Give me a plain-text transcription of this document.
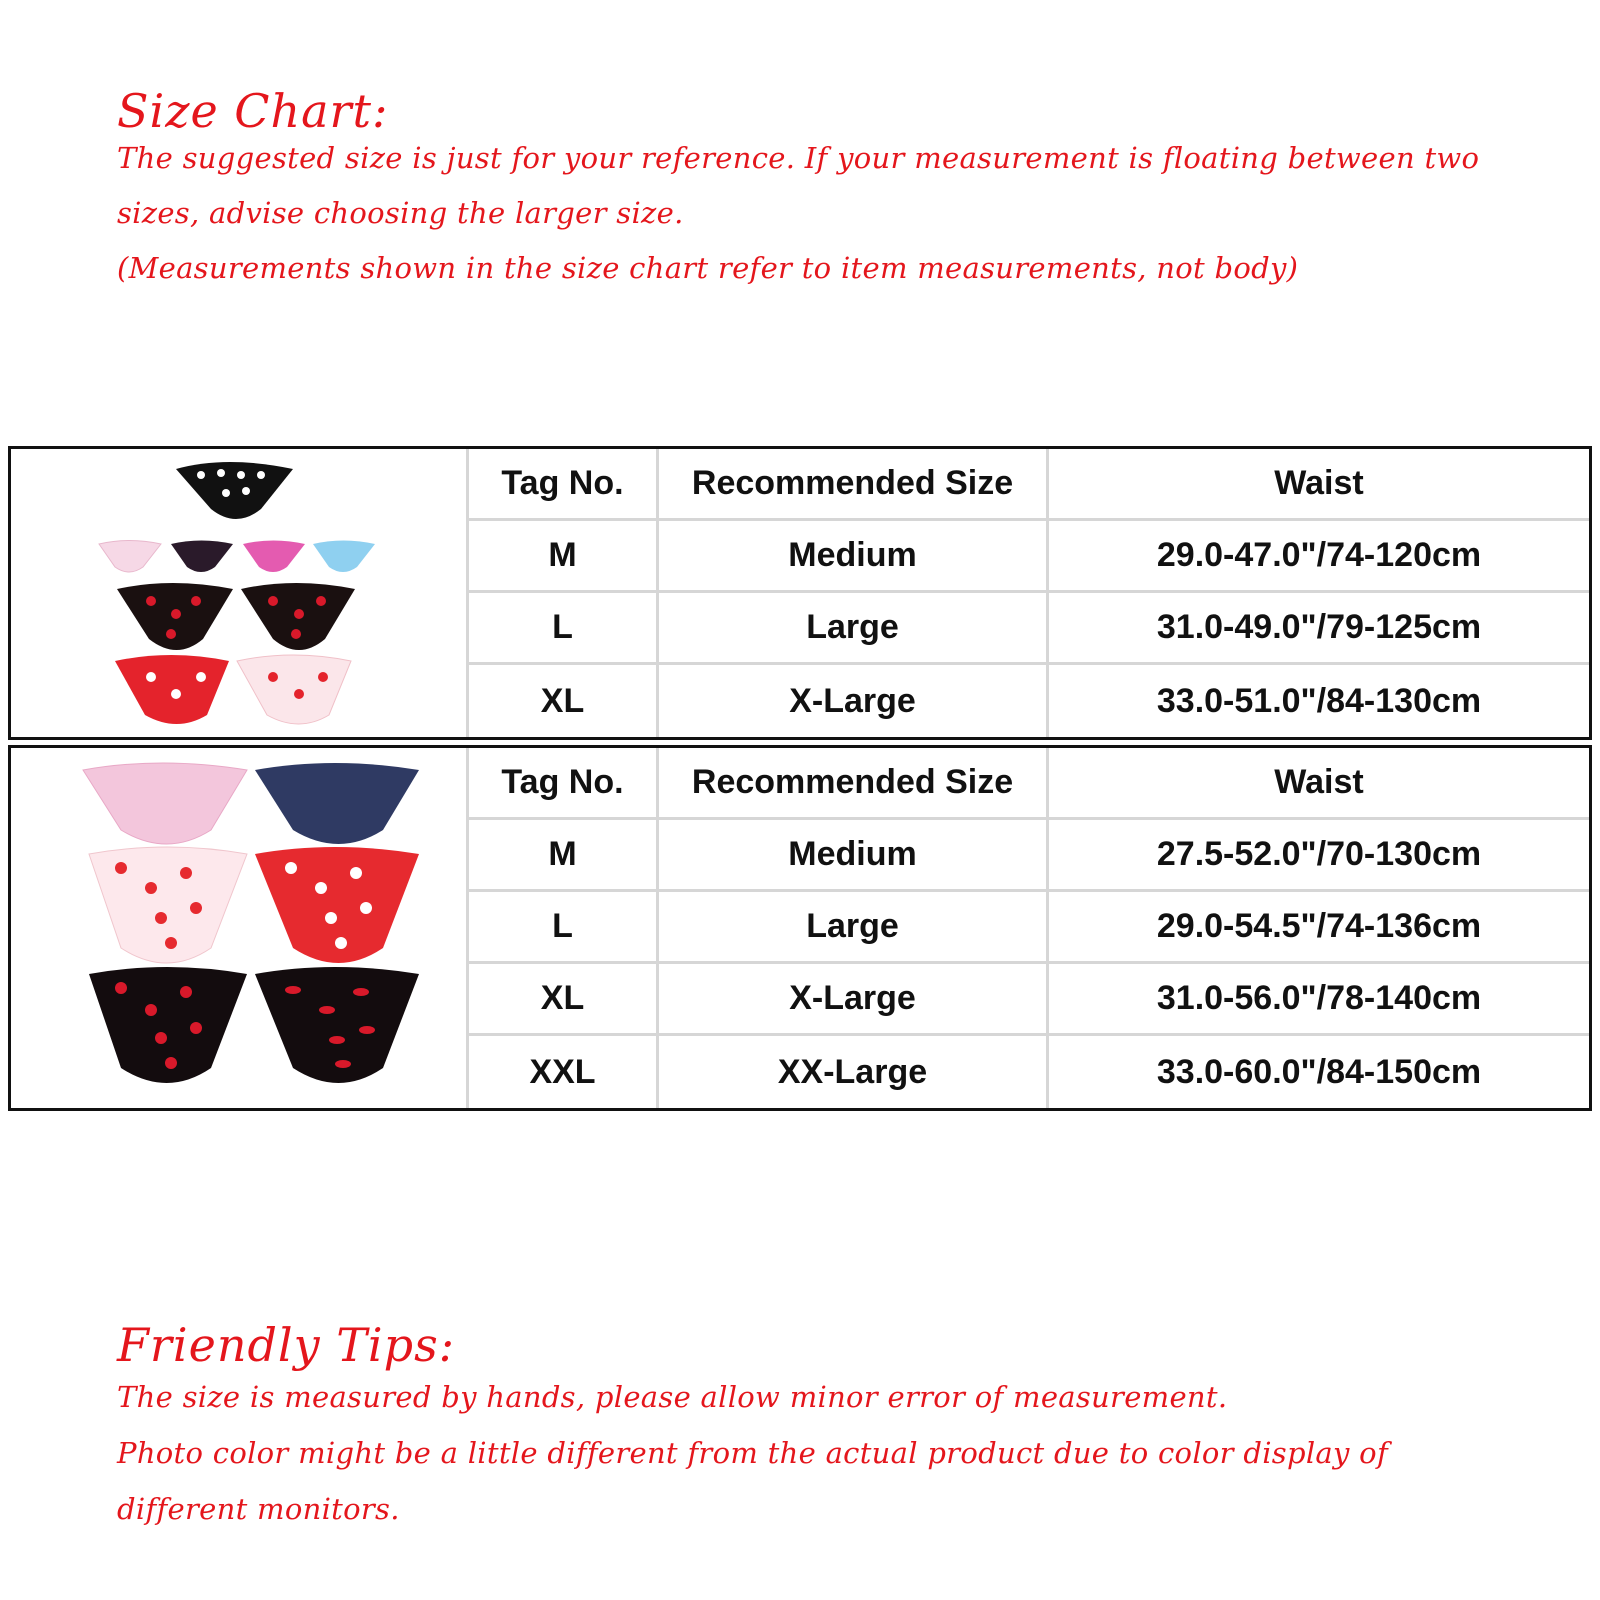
Size Chart:
The suggested size is just for your reference. If your measurement is floating between two
sizes, advise choosing the larger size.
(Measurements shown in the size chart refer to item measurements, not body)
Tag No.	Recommended Size	Waist
M	Medium	29.0-47.0"/74-120cm
L	Large	31.0-49.0"/79-125cm
XL	X-Large	33.0-51.0"/84-130cm
Tag No.	Recommended Size	Waist
M	Medium	27.5-52.0"/70-130cm
L	Large	29.0-54.5"/74-136cm
XL	X-Large	31.0-56.0"/78-140cm
XXL	XX-Large	33.0-60.0"/84-150cm
Friendly Tips:
The size is measured by hands, please allow minor error of measurement.
Photo color might be a little different from the actual product due to color display of
different monitors.
